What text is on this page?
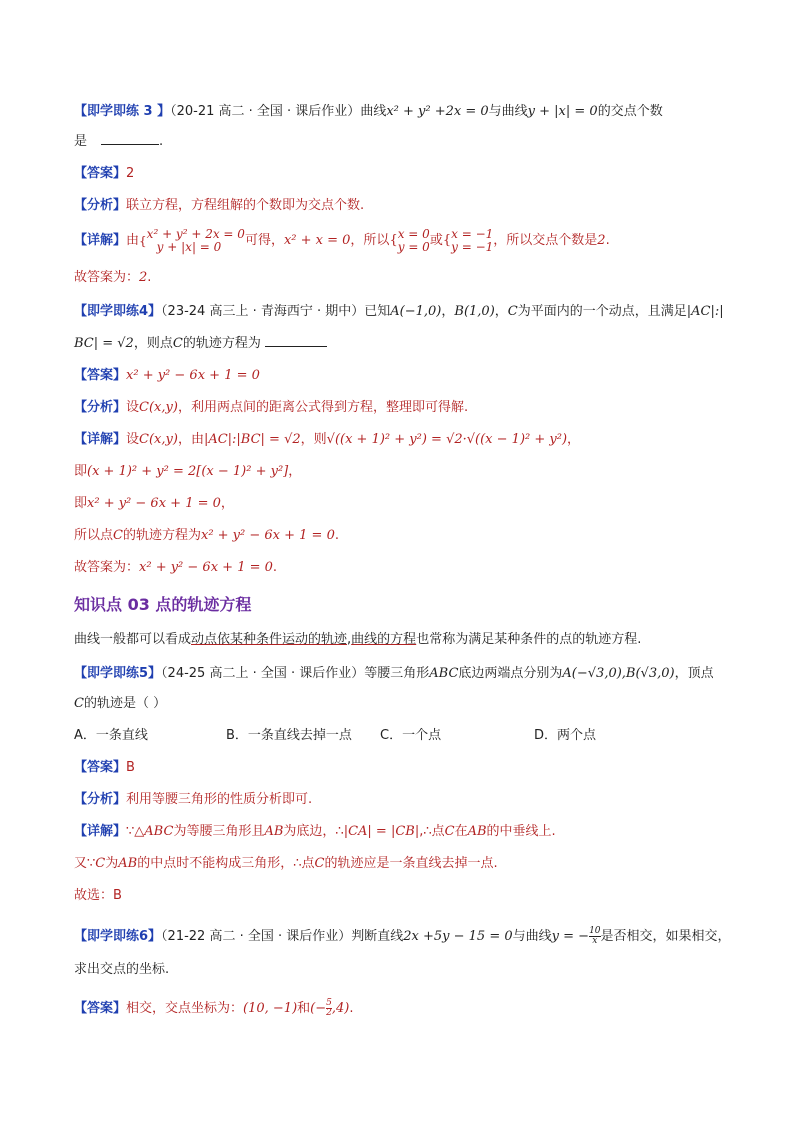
【即学即练 3 】（20-21 高二 · 全国 · 课后作业）曲线x² + y² +2x = 0与曲线y + |x| = 0的交点个数
是	.
【答案】2
【分析】联立方程，方程组解的个数即为交点个数.
【详解】由{x² + y² + 2x = 0
y + |x| = 0 可得，x² + x = 0，所以{x = 0
y = 0或{x = −1
y = −1，所以交点个数是2.
故答案为：2.
【即学即练4】（23-24 高三上 · 青海西宁 · 期中）已知A(−1,0)，B(1,0)，C为平面内的一个动点，且满足|AC|:|
BC| = √2，则点C的轨迹方程为
【答案】x² + y² − 6x + 1 = 0
【分析】设C(x,y)，利用两点间的距离公式得到方程，整理即可得解.
【详解】设C(x,y)，由|AC|:|BC| = √2，则√((x + 1)² + y²) = √2·√((x − 1)² + y²)，
即(x + 1)² + y² = 2[(x − 1)² + y²]，
即x² + y² − 6x + 1 = 0，
所以点C的轨迹方程为x² + y² − 6x + 1 = 0.
故答案为：x² + y² − 6x + 1 = 0.
知识点 03 点的轨迹方程
曲线一般都可以看成动点依某种条件运动的轨迹,曲线的方程也常称为满足某种条件的点的轨迹方程.
【即学即练5】（24-25 高二上 · 全国 · 课后作业）等腰三角形ABC底边两端点分别为A(−√3,0),B(√3,0)，顶点
C的轨迹是（ ）
A．一条直线	B．一条直线去掉一点 C．一个点	D．两个点
【答案】B
【分析】利用等腰三角形的性质分析即可.
【详解】∵△ABC为等腰三角形且AB为底边，∴|CA| = |CB|,∴点C在AB的中垂线上.
又∵C为AB的中点时不能构成三角形，∴点C的轨迹应是一条直线去掉一点.
故选：B
【即学即练6】（21-22 高二 · 全国 · 课后作业）判断直线2x +5y − 15 = 0与曲线y = − $\frac{10}{x}$ 是否相交，如果相交，
求出交点的坐标.
【答案】相交，交点坐标为：(10, −1)和(− $\frac{5}{2} ,4$).
